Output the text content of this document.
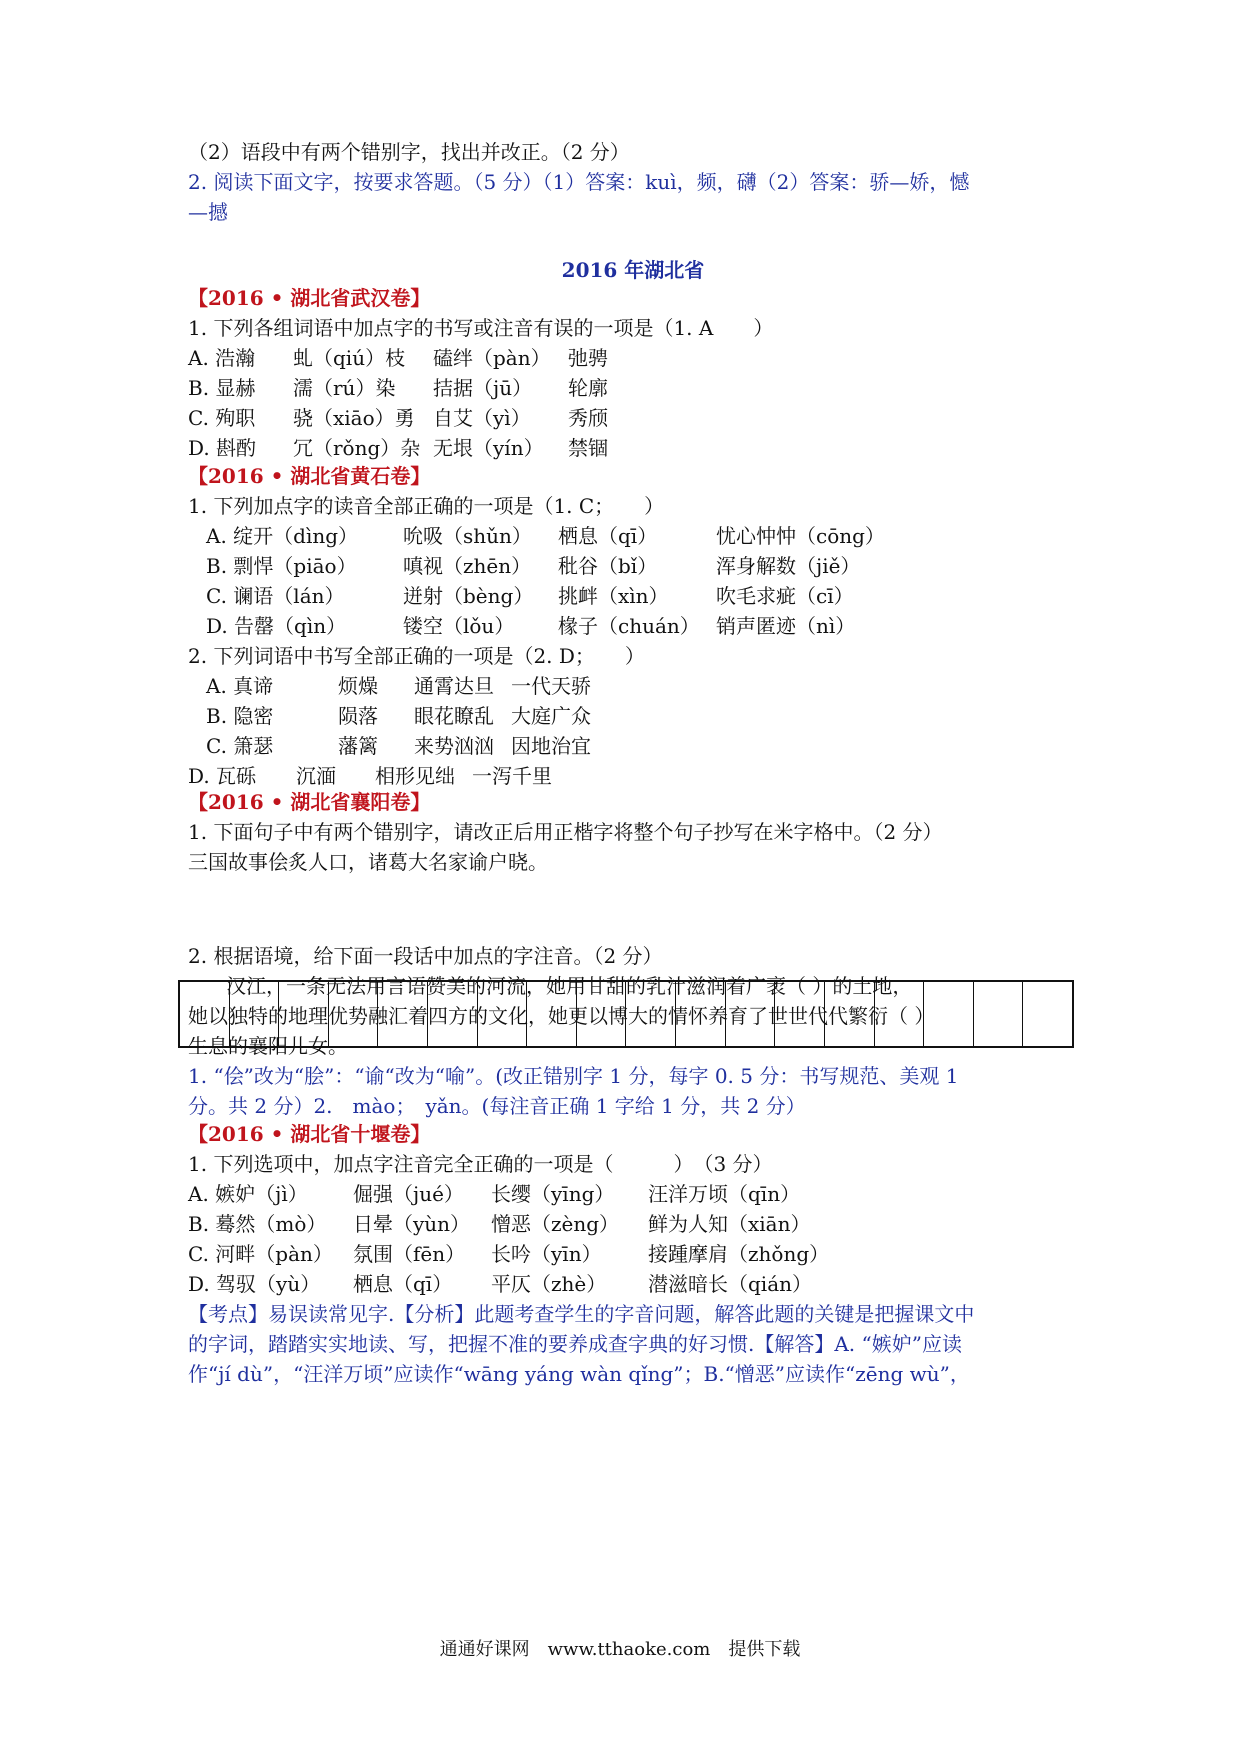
（2）语段中有两个错别字，找出并改正。（2 分）
2. 阅读下面文字，按要求答题。（5 分）（1）答案：kuì，频，礴（2）答案：骄—娇，憾
—撼
2016 年湖北省
【2016 • 湖北省武汉卷】
1. 下列各组词语中加点字的书写或注音有误的一项是（1. A　　）
A. 浩瀚 虬（qiú）枝 磕绊（pàn） 弛骋
B. 显赫 濡（rú）染 拮据（jū） 轮廓
C. 殉职 骁（xiāo）勇 自艾（yì） 秀颀
D. 斟酌 冗（rǒng）杂 无垠（yín） 禁锢
【2016 • 湖北省黄石卷】
1. 下列加点字的读音全部正确的一项是（1. C；　　）
A. 绽开（dìng） 吮吸（shǔn） 栖息（qī）	忧心忡忡（cōng）
B. 剽悍（piāo） 嗔视（zhēn） 秕谷（bǐ）	浑身解数（jiě）
C. 谰语（lán）	迸射（bèng） 挑衅（xìn） 吹毛求疵（cī）
D. 告罄（qìn）	镂空（lǒu） 椽子（chuán） 销声匿迹（nì）
2. 下列词语中书写全部正确的一项是（2. D；　　）
A. 真谛	烦燥 通霄达旦 一代天骄
B. 隐密	陨落 眼花瞭乱 大庭广众
C. 箫瑟	藩篱 来势汹汹 因地治宜
D. 瓦砾 沉湎 相形见绌 一泻千里
【2016 • 湖北省襄阳卷】
1. 下面句子中有两个错别字，请改正后用正楷字将整个句子抄写在米字格中。（2 分）
三国故事侩炙人口，诸葛大名家谕户晓。
2. 根据语境，给下面一段话中加点的字注音。（2 分）
汉江，一条无法用言语赞美的河流，她用甘甜的乳汁滋润着广袤（ ）的土地，
她以独特的地理优势融汇着四方的文化，她更以博大的情怀养育了世世代代繁衍（ ）
生息的襄阳儿女。
1. “侩”改为“脍”：“谕“改为“喻”。(改正错别字 1 分，每字 0. 5 分：书写规范、美观 1
分。共 2 分）2.　mào；　yǎn。(每注音正确 1 字给 1 分，共 2 分）
【2016 • 湖北省十堰卷】
1. 下列选项中，加点字注音完全正确的一项是（　　　）　（3 分）
A. 嫉妒（jì） 倔强（jué） 长缨（yīng） 汪洋万顷（qīn）
B. 蓦然（mò） 日晕（yùn） 憎恶（zèng） 鲜为人知（xiān）
C. 河畔（pàn） 氛围（fēn） 长吟（yīn） 接踵摩肩（zhǒng）
D. 驾驭（yù） 栖息（qī） 平仄（zhè） 潜滋暗长（qián）
【考点】易误读常见字.【分析】此题考查学生的字音问题，解答此题的关键是把握课文中
的字词，踏踏实实地读、写，把握不准的要养成查字典的好习惯.【解答】A. “嫉妒”应读
作“jí dù”，“汪洋万顷”应读作“wāng yáng wàn qǐng”；B.“憎恶”应读作“zēng wù”，
通通好课网　www.tthaoke.com　提供下载
